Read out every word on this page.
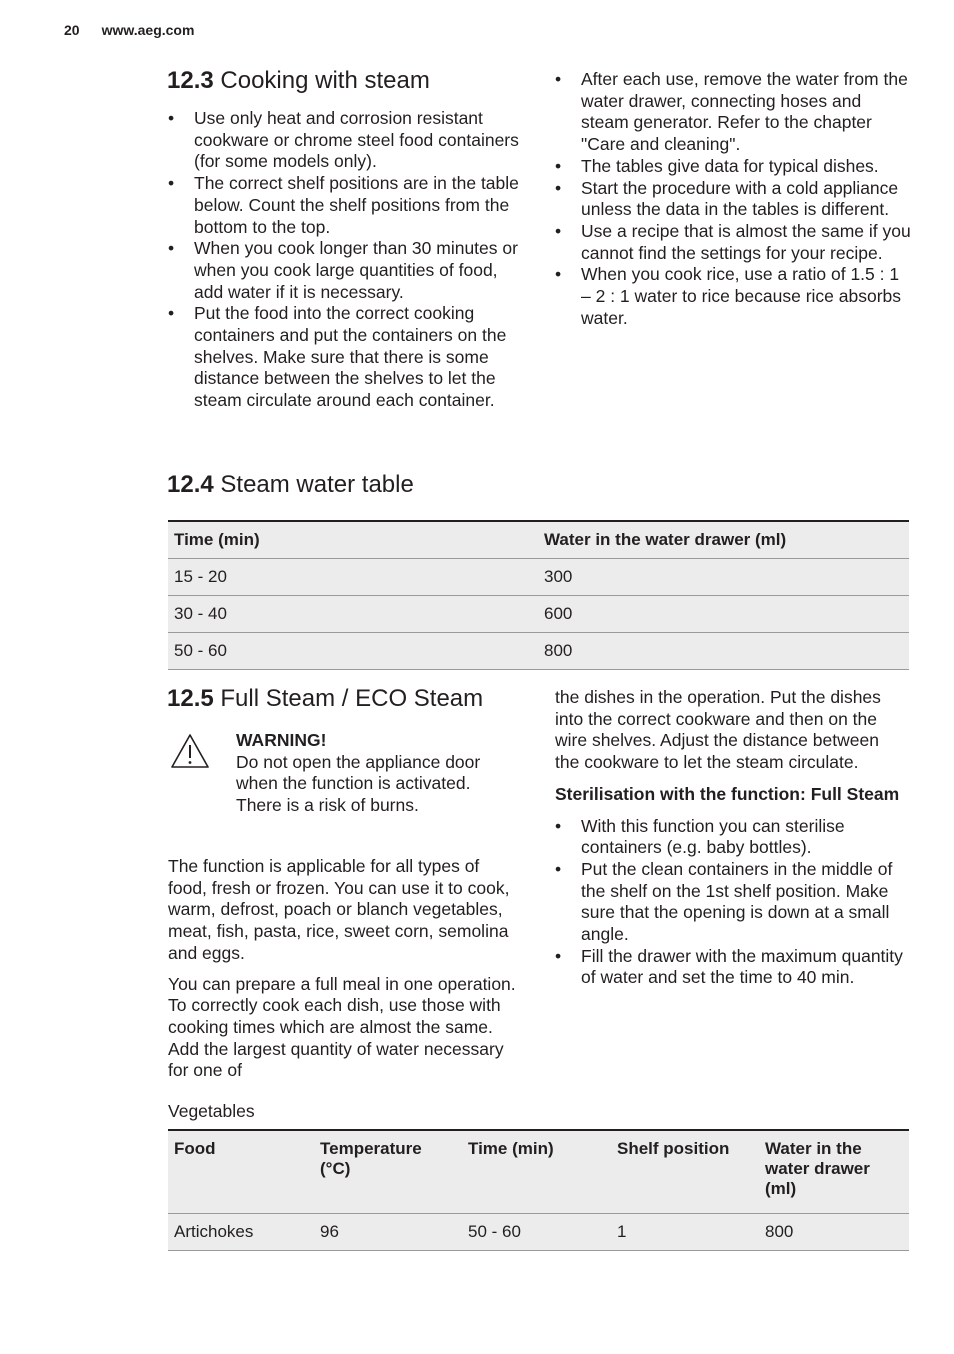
20 www.aeg.com
12.3 Cooking with steam
• Use only heat and corrosion resistant cookware or chrome steel food containers (for some models only).
• The correct shelf positions are in the table below. Count the shelf positions from the bottom to the top.
• When you cook longer than 30 minutes or when you cook large quantities of food, add water if it is necessary.
• Put the food into the correct cooking containers and put the containers on the shelves. Make sure that there is some distance between the shelves to let the steam circulate around each container.
• After each use, remove the water from the water drawer, connecting hoses and steam generator. Refer to the chapter "Care and cleaning".
• The tables give data for typical dishes.
• Start the procedure with a cold appliance unless the data in the tables is different.
• Use a recipe that is almost the same if you cannot find the settings for your recipe.
• When you cook rice, use a ratio of 1.5 : 1 – 2 : 1 water to rice because rice absorbs water.
12.4 Steam water table
Time (min)	Water in the water drawer (ml)
15 - 20	300
30 - 40	600
50 - 60	800
12.5 Full Steam / ECO Steam
WARNING!
Do not open the appliance door when the function is activated. There is a risk of burns.

The function is applicable for all types of food, fresh or frozen. You can use it to cook, warm, defrost, poach or blanch vegetables, meat, fish, pasta, rice, sweet corn, semolina and eggs.

You can prepare a full meal in one operation. To correctly cook each dish, use those with cooking times which are almost the same. Add the largest quantity of water necessary for one of

the dishes in the operation. Put the dishes into the correct cookware and then on the wire shelves. Adjust the distance between the cookware to let the steam circulate.

Sterilisation with the function: Full Steam
• With this function you can sterilise containers (e.g. baby bottles).
• Put the clean containers in the middle of the shelf on the 1st shelf position. Make sure that the opening is down at a small angle.
• Fill the drawer with the maximum quantity of water and set the time to 40 min.
Vegetables
Food	Temperature (°C)	Time (min)	Shelf position	Water in the water drawer (ml)
Artichokes	96	50 - 60	1	800
